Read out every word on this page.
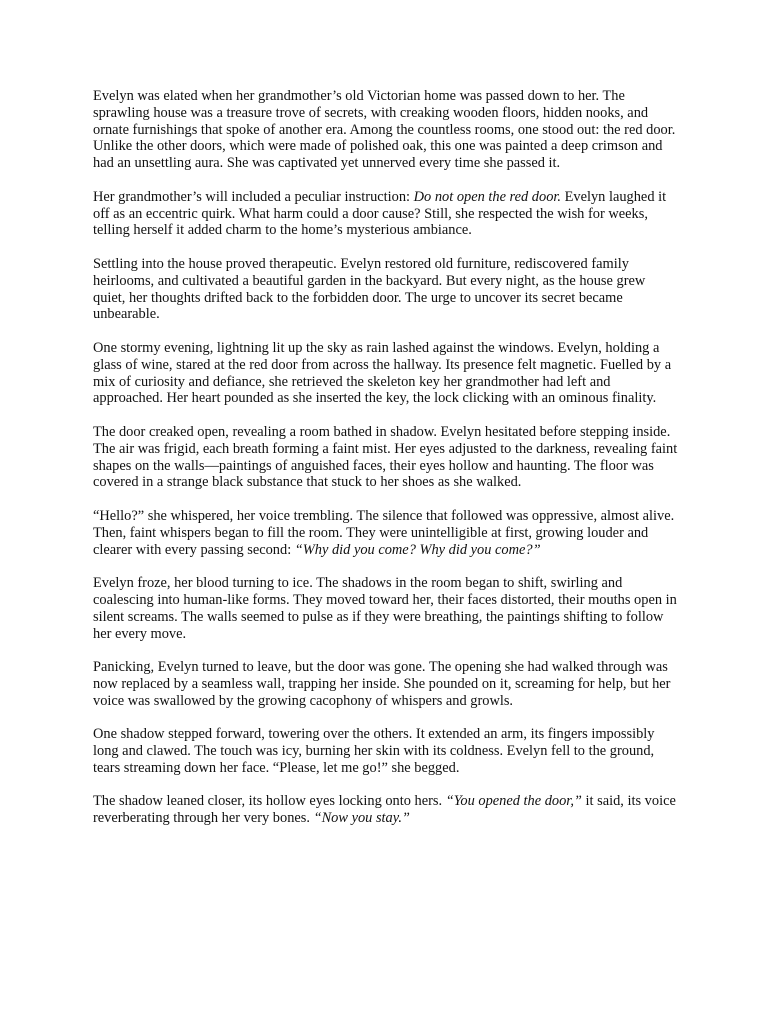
Evelyn was elated when her grandmother’s old Victorian home was passed down to her. The sprawling house was a treasure trove of secrets, with creaking wooden floors, hidden nooks, and ornate furnishings that spoke of another era. Among the countless rooms, one stood out: the red door. Unlike the other doors, which were made of polished oak, this one was painted a deep crimson and had an unsettling aura. She was captivated yet unnerved every time she passed it.

Her grandmother’s will included a peculiar instruction: Do not open the red door. Evelyn laughed it off as an eccentric quirk. What harm could a door cause? Still, she respected the wish for weeks, telling herself it added charm to the home’s mysterious ambiance.

Settling into the house proved therapeutic. Evelyn restored old furniture, rediscovered family heirlooms, and cultivated a beautiful garden in the backyard. But every night, as the house grew quiet, her thoughts drifted back to the forbidden door. The urge to uncover its secret became unbearable.

One stormy evening, lightning lit up the sky as rain lashed against the windows. Evelyn, holding a glass of wine, stared at the red door from across the hallway. Its presence felt magnetic. Fuelled by a mix of curiosity and defiance, she retrieved the skeleton key her grandmother had left and approached. Her heart pounded as she inserted the key, the lock clicking with an ominous finality.

The door creaked open, revealing a room bathed in shadow. Evelyn hesitated before stepping inside. The air was frigid, each breath forming a faint mist. Her eyes adjusted to the darkness, revealing faint shapes on the walls—paintings of anguished faces, their eyes hollow and haunting. The floor was covered in a strange black substance that stuck to her shoes as she walked.

“Hello?” she whispered, her voice trembling. The silence that followed was oppressive, almost alive. Then, faint whispers began to fill the room. They were unintelligible at first, growing louder and clearer with every passing second: “Why did you come? Why did you come?”

Evelyn froze, her blood turning to ice. The shadows in the room began to shift, swirling and coalescing into human-like forms. They moved toward her, their faces distorted, their mouths open in silent screams. The walls seemed to pulse as if they were breathing, the paintings shifting to follow her every move.

Panicking, Evelyn turned to leave, but the door was gone. The opening she had walked through was now replaced by a seamless wall, trapping her inside. She pounded on it, screaming for help, but her voice was swallowed by the growing cacophony of whispers and growls.

One shadow stepped forward, towering over the others. It extended an arm, its fingers impossibly long and clawed. The touch was icy, burning her skin with its coldness. Evelyn fell to the ground, tears streaming down her face. “Please, let me go!” she begged.

The shadow leaned closer, its hollow eyes locking onto hers. “You opened the door,” it said, its voice reverberating through her very bones. “Now you stay.”
